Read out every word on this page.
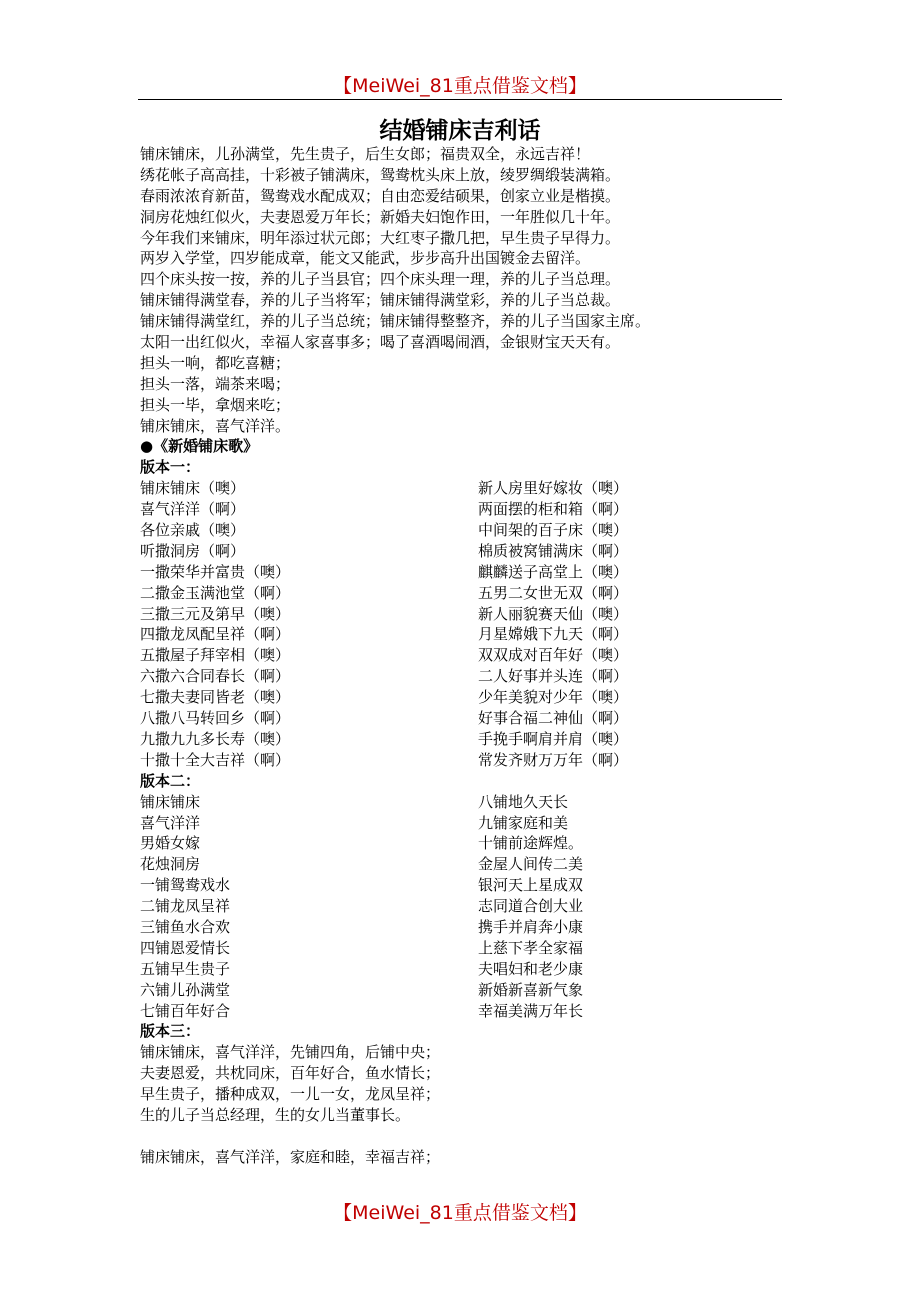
【MeiWei_81重点借鉴文档】
结婚铺床吉利话
铺床铺床，儿孙满堂，先生贵子，后生女郎；福贵双全，永远吉祥！
绣花帐子高高挂，十彩被子铺满床，鸳鸯枕头床上放，绫罗绸缎装满箱。
春雨浓浓育新苗，鸳鸯戏水配成双；自由恋爱结硕果，创家立业是楷摸。
洞房花烛红似火，夫妻恩爱万年长；新婚夫妇饱作田，一年胜似几十年。
今年我们来铺床，明年添过状元郎；大红枣子撒几把，早生贵子早得力。
两岁入学堂，四岁能成章，能文又能武，步步高升出国镀金去留洋。
四个床头按一按，养的儿子当县官；四个床头理一理，养的儿子当总理。
铺床铺得满堂春，养的儿子当将军；铺床铺得满堂彩，养的儿子当总裁。
铺床铺得满堂红，养的儿子当总统；铺床铺得整整齐，养的儿子当国家主席。
太阳一出红似火，幸福人家喜事多；喝了喜酒喝闹酒，金银财宝天天有。
担头一响，都吃喜糖；
担头一落，端茶来喝；
担头一毕，拿烟来吃；
铺床铺床，喜气洋洋。
●《新婚铺床歌》
版本一：
铺床铺床（噢）	新人房里好嫁妆（噢）
喜气洋洋（啊）	两面摆的柜和箱（啊）
各位亲戚（噢）	中间架的百子床（噢）
听撒洞房（啊）	棉质被窝铺满床（啊）
一撒荣华并富贵（噢）	麒麟送子高堂上（噢）
二撒金玉满池堂（啊）	五男二女世无双（啊）
三撒三元及第早（噢）	新人丽貌赛天仙（噢）
四撒龙凤配呈祥（啊）	月星嫦娥下九天（啊）
五撒屋子拜宰相（噢）	双双成对百年好（噢）
六撒六合同春长（啊）	二人好事并头连（啊）
七撒夫妻同皆老（噢）	少年美貌对少年（噢）
八撒八马转回乡（啊）	好事合福二神仙（啊）
九撒九九多长寿（噢）	手挽手啊肩并肩（噢）
十撒十全大吉祥（啊）	常发齐财万万年（啊）
版本二：
铺床铺床	八铺地久天长
喜气洋洋	九铺家庭和美
男婚女嫁	十铺前途辉煌。
花烛洞房	金屋人间传二美
一铺鸳鸯戏水	银河天上星成双
二铺龙凤呈祥	志同道合创大业
三铺鱼水合欢	携手并肩奔小康
四铺恩爱情长	上慈下孝全家福
五铺早生贵子	夫唱妇和老少康
六铺儿孙满堂	新婚新喜新气象
七铺百年好合	幸福美满万年长
版本三：
铺床铺床，喜气洋洋，先铺四角，后铺中央；
夫妻恩爱，共枕同床，百年好合，鱼水情长；
早生贵子，播种成双，一儿一女，龙凤呈祥；
生的儿子当总经理，生的女儿当董事长。
铺床铺床，喜气洋洋，家庭和睦，幸福吉祥；
【MeiWei_81重点借鉴文档】
